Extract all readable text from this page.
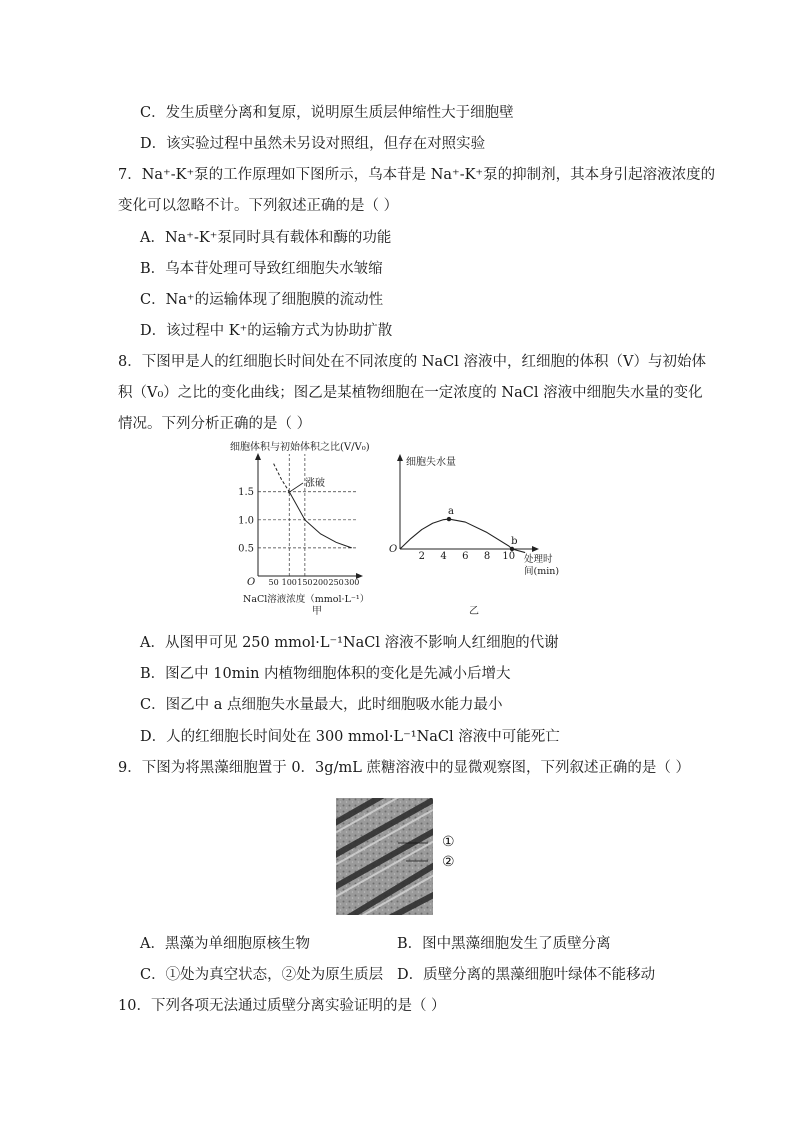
C．发生质壁分离和复原，说明原生质层伸缩性大于细胞壁
D．该实验过程中虽然未另设对照组，但存在对照实验
7．Na⁺-K⁺泵的工作原理如下图所示，乌本苷是 Na⁺-K⁺泵的抑制剂，其本身引起溶液浓度的
变化可以忽略不计。下列叙述正确的是（ ）
A．Na⁺-K⁺泵同时具有载体和酶的功能
B．乌本苷处理可导致红细胞失水皱缩
C．Na⁺的运输体现了细胞膜的流动性
D．该过程中 K⁺的运输方式为协助扩散
8．下图甲是人的红细胞长时间处在不同浓度的 NaCl 溶液中，红细胞的体积（V）与初始体
积（V₀）之比的变化曲线；图乙是某植物细胞在一定浓度的 NaCl 溶液中细胞失水量的变化
情况。下列分析正确的是（ ）
细胞体积与初始体积之比(V/V₀)
0.5
1.0
1.5
50 100 150 200 250 300
O
涨破
NaCl溶液浓度（mmol·L⁻¹）
甲
细胞失水量
O
2 4 6 8 10
a
b
处理时
间(min)
乙
A．从图甲可见 250 mmol·L⁻¹NaCl 溶液不影响人红细胞的代谢
B．图乙中 10min 内植物细胞体积的变化是先减小后增大
C．图乙中 a 点细胞失水量最大，此时细胞吸水能力最小
D．人的红细胞长时间处在 300 mmol·L⁻¹NaCl 溶液中可能死亡
9．下图为将黑藻细胞置于 0．3g/mL 蔗糖溶液中的显微观察图，下列叙述正确的是（ ）
①
②
A．黑藻为单细胞原核生物	B．图中黑藻细胞发生了质壁分离
C．①处为真空状态，②处为原生质层 D．质壁分离的黑藻细胞叶绿体不能移动
10．下列各项无法通过质壁分离实验证明的是（ ）
